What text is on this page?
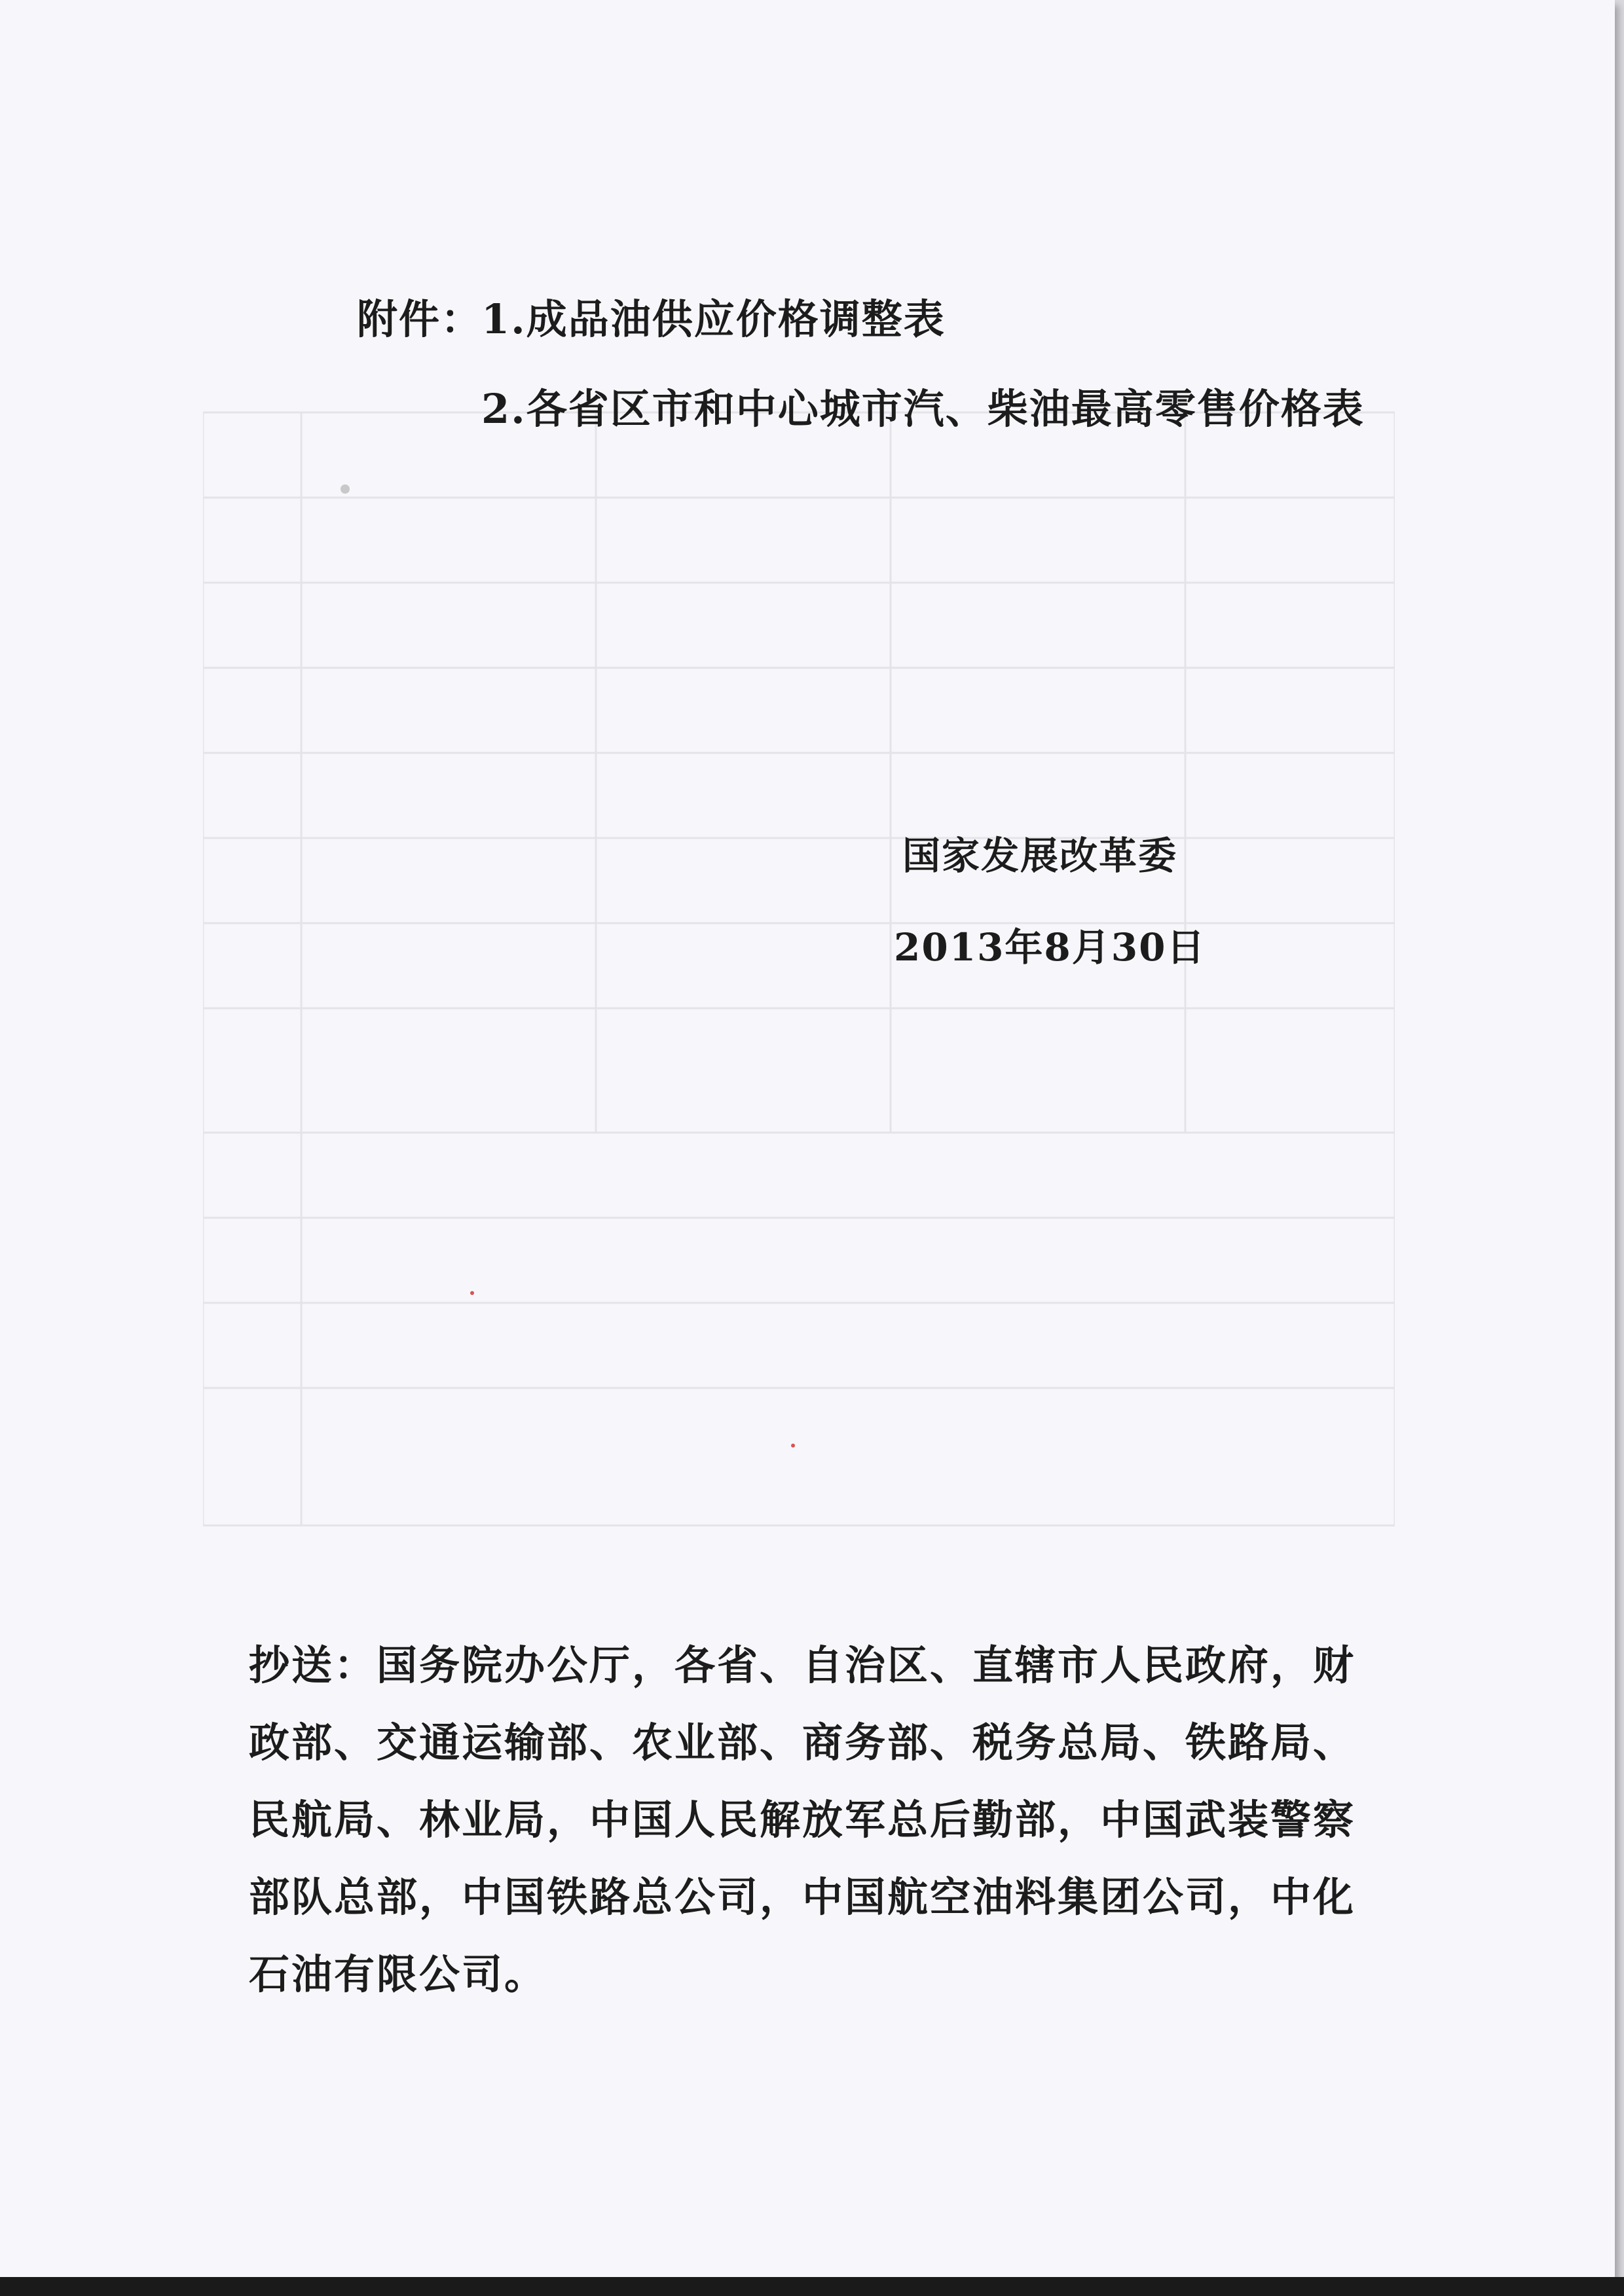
附件：
1.成品油供应价格调整表
2.各省区市和中心城市汽、柴油最高零售价格表
国家发展改革委
2013年8月30日
抄送：国务院办公厅，各省、自治区、直辖市人民政府，财
政部、交通运输部、农业部、商务部、税务总局、铁路局、
民航局、林业局，中国人民解放军总后勤部，中国武装警察
部队总部，中国铁路总公司，中国航空油料集团公司，中化
石油有限公司。
